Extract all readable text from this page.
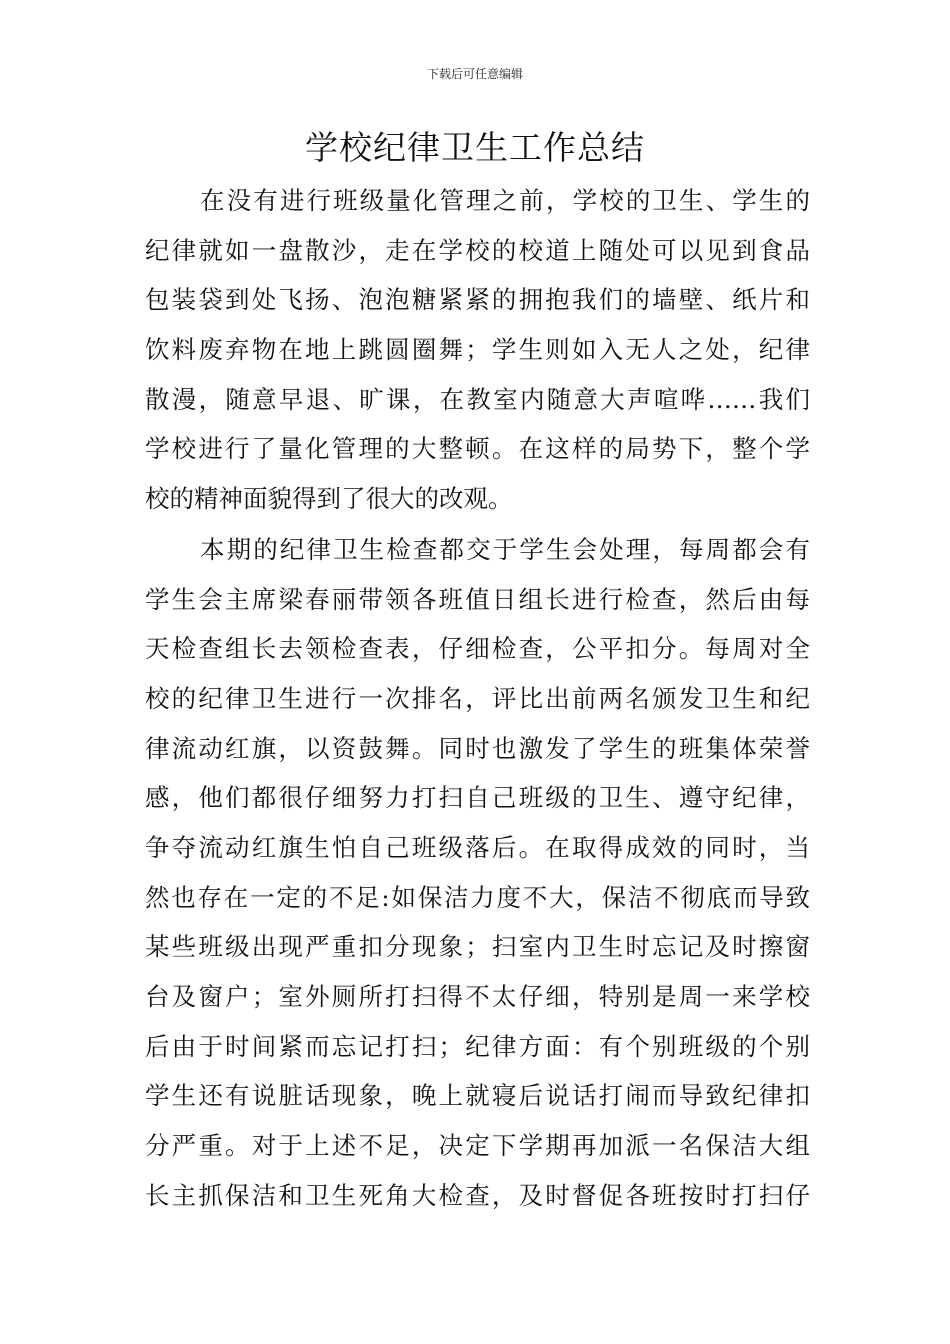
下载后可任意编辑
学校纪律卫生工作总结
在没有进行班级量化管理之前，学校的卫生、学生的
纪律就如一盘散沙，走在学校的校道上随处可以见到食品
包装袋到处飞扬、泡泡糖紧紧的拥抱我们的墙壁、纸片和
饮料废弃物在地上跳圆圈舞；学生则如入无人之处，纪律
散漫，随意早退、旷课，在教室内随意大声喧哗……我们
学校进行了量化管理的大整顿。在这样的局势下，整个学
校的精神面貌得到了很大的改观。
本期的纪律卫生检查都交于学生会处理，每周都会有
学生会主席梁春丽带领各班值日组长进行检查，然后由每
天检查组长去领检查表，仔细检查，公平扣分。每周对全
校的纪律卫生进行一次排名，评比出前两名颁发卫生和纪
律流动红旗，以资鼓舞。同时也激发了学生的班集体荣誉
感，他们都很仔细努力打扫自己班级的卫生、遵守纪律，
争夺流动红旗生怕自己班级落后。在取得成效的同时，当
然也存在一定的不足:如保洁力度不大，保洁不彻底而导致
某些班级出现严重扣分现象；扫室内卫生时忘记及时擦窗
台及窗户；室外厕所打扫得不太仔细，特别是周一来学校
后由于时间紧而忘记打扫；纪律方面：有个别班级的个别
学生还有说脏话现象，晚上就寝后说话打闹而导致纪律扣
分严重。对于上述不足，决定下学期再加派一名保洁大组
长主抓保洁和卫生死角大检查，及时督促各班按时打扫仔
